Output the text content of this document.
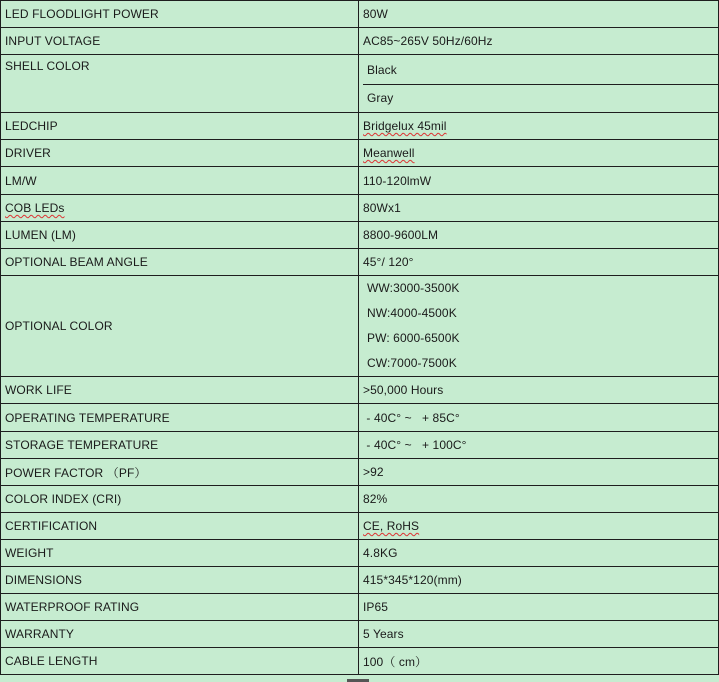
LED FLOODLIGHT POWER	80W
INPUT VOLTAGE	AC85~265V 50Hz/60Hz
SHELL COLOR	Black
Gray

LEDCHIP	Bridgelux 45mil
DRIVER	Meanwell
LM/W	110-120lmW
COB LEDs	80Wx1
LUMEN (LM)	8800-9600LM
OPTIONAL BEAM ANGLE	45°/ 120°
OPTIONAL COLOR	WW:3000-3500K
NW:4000-4500K
PW: 6000-6500K
CW:7000-7500K

WORK LIFE	>50,000 Hours
OPERATING TEMPERATURE	- 40C° ~   + 85C°
STORAGE TEMPERATURE	- 40C° ~   + 100C°
POWER FACTOR （PF）	>92
COLOR INDEX (CRI)	82%
CERTIFICATION	CE, RoHS
WEIGHT	4.8KG
DIMENSIONS	415*345*120(mm)
WATERPROOF RATING	IP65
WARRANTY	5 Years
CABLE LENGTH	100（ cm）
